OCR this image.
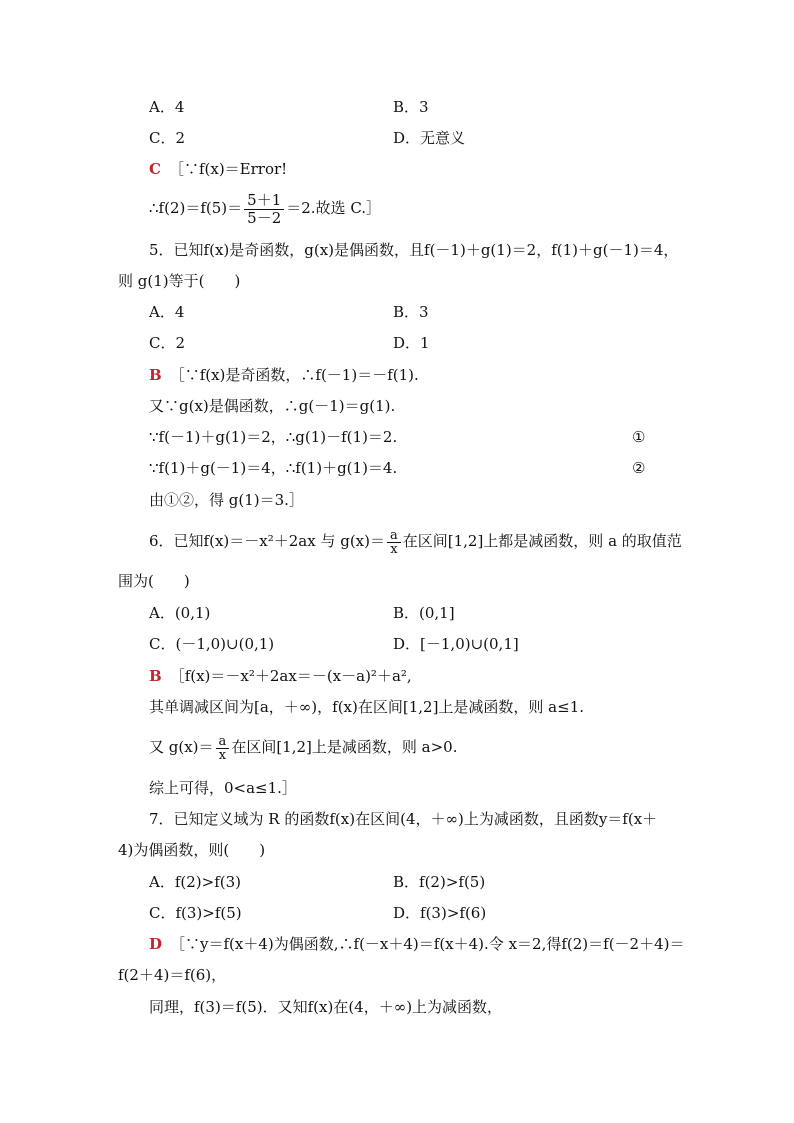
A．4	B．3
C．2	D．无意义
C ［∵f(x)＝Error!
∴f(2)＝f(5)＝ $\frac{5+1}{5-2} =2$.故选 C.］
5．已知f(x)是奇函数，g(x)是偶函数，且f(－1)＋g(1)＝2，f(1)＋g(－1)＝4，
则 g(1)等于(　　)
A．4	B．3
C．2	D．1
B ［∵f(x)是奇函数，∴f(－1)＝－f(1).
又∵g(x)是偶函数，∴g(－1)＝g(1).
∵f(－1)＋g(1)＝2，∴g(1)－f(1)＝2.	①
∵f(1)＋g(－1)＝4，∴f(1)＋g(1)＝4.	②
由①②，得 g(1)＝3.］
6．已知f(x)＝－x²＋2ax 与 $g(x)= \frac{a}{x}$ 在区间[1,2]上都是减函数，则 a 的取值范
围为(　　)
A．(0,1)	B．(0,1]
C．(－1,0)∪(0,1)	D．[－1,0)∪(0,1]
B ［f(x)＝－x²＋2ax＝－(x－a)²＋a²,
其单调减区间为[a，＋∞)，f(x)在区间[1,2]上是减函数，则 a≤1.
又 $g(x)= \frac{a}{x}$ 在区间[1,2]上是减函数，则 a>0.
综上可得，0<a≤1.］
7．已知定义域为 R 的函数f(x)在区间(4，＋∞)上为减函数，且函数y＝f(x＋
4)为偶函数，则(　　)
A．f(2)>f(3)	B．f(2)>f(5)
C．f(3)>f(5)	D．f(3)>f(6)
D ［∵y＝f(x＋4)为偶函数,∴f(－x＋4)＝f(x＋4).令 x＝2,得f(2)＝f(－2＋4)＝
f(2＋4)＝f(6)，
同理，f(3)＝f(5)．又知f(x)在(4，＋∞)上为减函数，
